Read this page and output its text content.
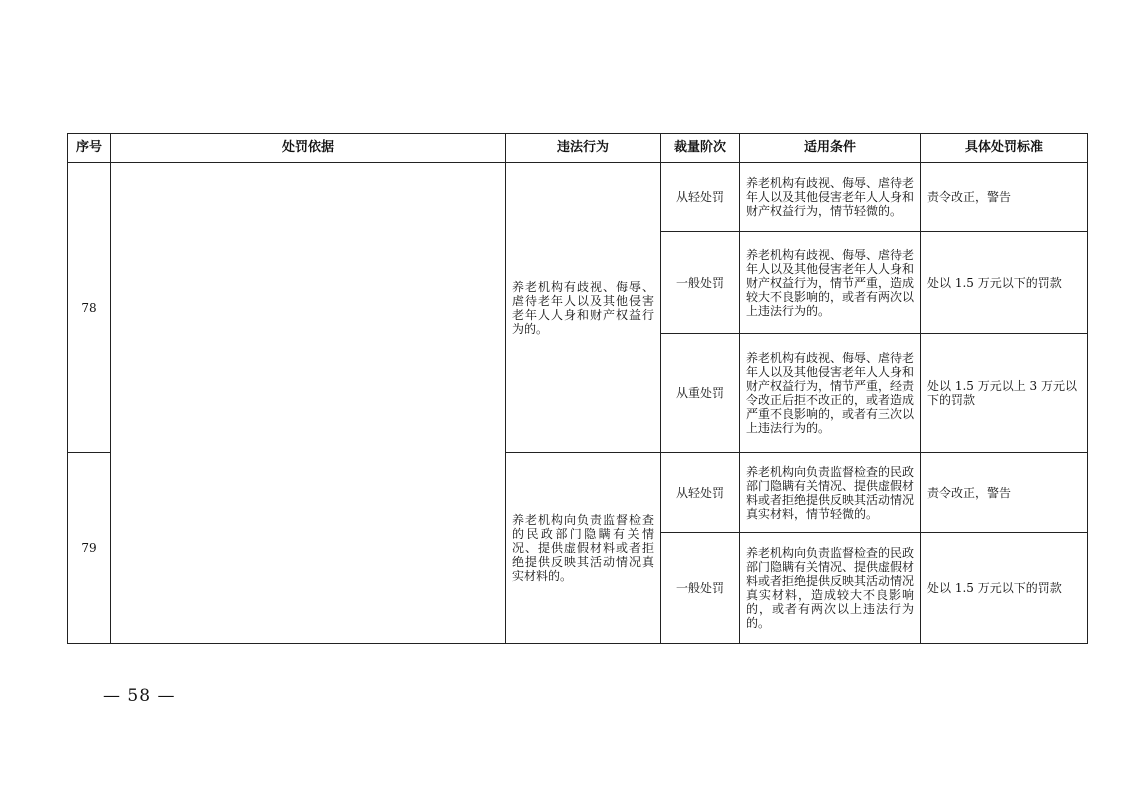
序号	处罚依据	违法行为	裁量阶次	适用条件	具体处罚标准
78		养老机构有歧视、侮辱、虐待老年人以及其他侵害老年人人身和财产权益行为的。	从轻处罚	养老机构有歧视、侮辱、虐待老年人以及其他侵害老年人人身和财产权益行为，情节轻微的。	责令改正，警告
			一般处罚	养老机构有歧视、侮辱、虐待老年人以及其他侵害老年人人身和财产权益行为，情节严重，造成较大不良影响的，或者有两次以上违法行为的。	处以 1.5 万元以下的罚款
			从重处罚	养老机构有歧视、侮辱、虐待老年人以及其他侵害老年人人身和财产权益行为，情节严重，经责令改正后拒不改正的，或者造成严重不良影响的，或者有三次以上违法行为的。	处以 1.5 万元以上 3 万元以下的罚款
79		养老机构向负责监督检查的民政部门隐瞒有关情况、提供虚假材料或者拒绝提供反映其活动情况真实材料的。	从轻处罚	养老机构向负责监督检查的民政部门隐瞒有关情况、提供虚假材料或者拒绝提供反映其活动情况真实材料，情节轻微的。	责令改正，警告
			一般处罚	养老机构向负责监督检查的民政部门隐瞒有关情况、提供虚假材料或者拒绝提供反映其活动情况真实材料，造成较大不良影响的，或者有两次以上违法行为的。	处以 1.5 万元以下的罚款
— 58 —
